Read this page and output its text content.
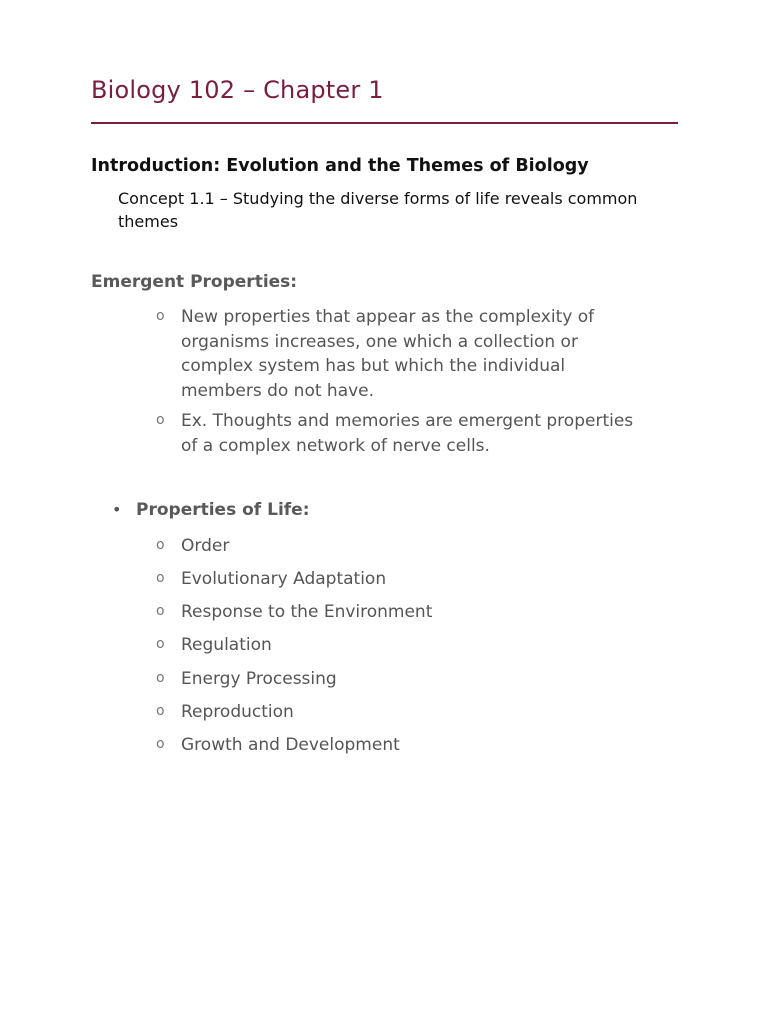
Biology 102 – Chapter 1
Introduction: Evolution and the Themes of Biology
Concept 1.1 – Studying the diverse forms of life reveals common themes
Emergent Properties:
o New properties that appear as the complexity of organisms increases, one which a collection or complex system has but which the individual members do not have.
o Ex. Thoughts and memories are emergent properties of a complex network of nerve cells.
• Properties of Life:
o Order
o Evolutionary Adaptation
o Response to the Environment
o Regulation
o Energy Processing
o Reproduction
o Growth and Development
